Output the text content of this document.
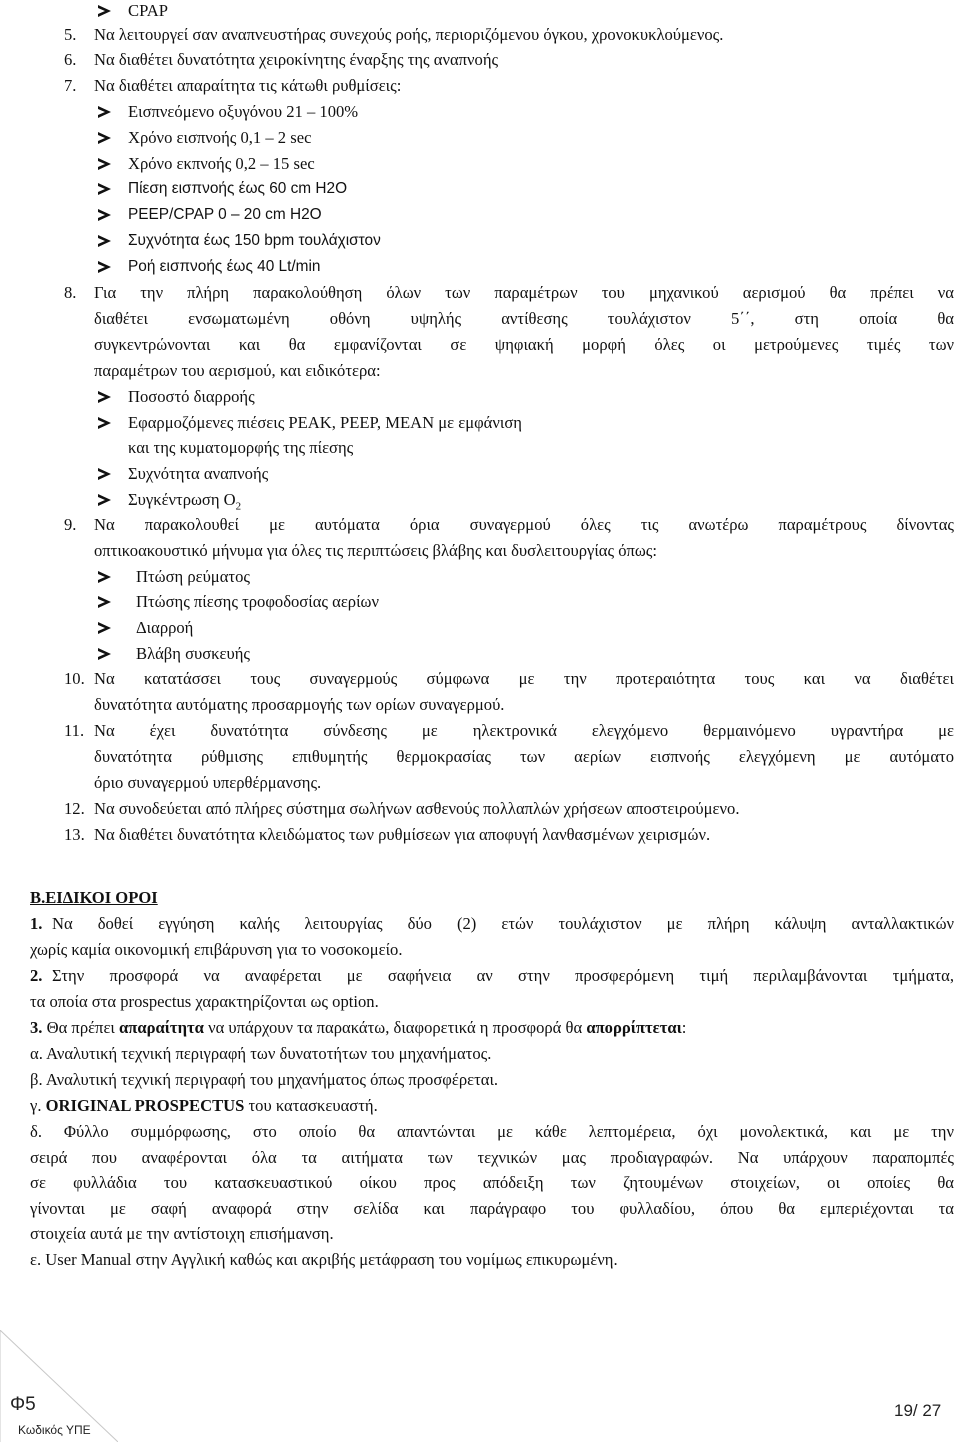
CPAP
5. Να λειτουργεί σαν αναπνευστήρας συνεχούς ροής, περιοριζόμενου όγκου, χρονοκυκλούμενος.
6. Να διαθέτει δυνατότητα χειροκίνητης έναρξης της αναπνοής
7. Να διαθέτει απαραίτητα τις κάτωθι ρυθμίσεις:
Εισπνεόμενο οξυγόνου 21 – 100%
Χρόνο εισπνοής 0,1 – 2 sec
Χρόνο εκπνοής 0,2 – 15 sec
Πίεση εισπνοής έως 60 cm H2O
PEEP/CPAP 0 – 20 cm H2O
Συχνότητα έως 150 bpm τουλάχιστον
Ροή εισπνοής έως 40 Lt/min
8. Για την πλήρη παρακολούθηση όλων των παραμέτρων του μηχανικού αερισμού θα πρέπει να
διαθέτει ενσωματωμένη οθόνη υψηλής αντίθεσης τουλάχιστον 5΄΄, στη οποία θα
συγκεντρώνονται και θα εμφανίζονται σε ψηφιακή μορφή όλες οι μετρούμενες τιμές των
παραμέτρων του αερισμού, και ειδικότερα:
Ποσοστό διαρροής
Εφαρμοζόμενες πιέσεις PEAK, PEEP, MEAN με εμφάνιση
και της κυματομορφής της πίεσης
Συχνότητα αναπνοής
Συγκέντρωση $O_2$
9. Να παρακολουθεί με αυτόματα όρια συναγερμού όλες τις ανωτέρω παραμέτρους δίνοντας
οπτικοακουστικό μήνυμα για όλες τις περιπτώσεις βλάβης και δυσλειτουργίας όπως:
Πτώση ρεύματος
Πτώσης πίεσης τροφοδοσίας αερίων
Διαρροή
Βλάβη συσκευής
10. Να κατατάσσει τους συναγερμούς σύμφωνα με την προτεραιότητα τους και να διαθέτει
δυνατότητα αυτόματης προσαρμογής των ορίων συναγερμού.
11. Να έχει δυνατότητα σύνδεσης με ηλεκτρονικά ελεγχόμενο θερμαινόμενο υγραντήρα με
δυνατότητα ρύθμισης επιθυμητής θερμοκρασίας των αερίων εισπνοής ελεγχόμενη με αυτόματο
όριο συναγερμού υπερθέρμανσης.
12. Να συνοδεύεται από πλήρες σύστημα σωλήνων ασθενούς πολλαπλών χρήσεων αποστειρούμενο.
13. Να διαθέτει δυνατότητα κλειδώματος των ρυθμίσεων για αποφυγή λανθασμένων χειρισμών.
Β.ΕΙΔΙΚΟΙ ΟΡΟΙ
1. Να δοθεί εγγύηση καλής λειτουργίας δύο (2) ετών τουλάχιστον με πλήρη κάλυψη ανταλλακτικών
χωρίς καμία οικονομική επιβάρυνση για το νοσοκομείο.
2. Στην προσφορά να αναφέρεται με σαφήνεια αν στην προσφερόμενη τιμή περιλαμβάνονται τμήματα,
τα οποία στα prospectus χαρακτηρίζονται ως option.
3. Θα πρέπει απαραίτητα να υπάρχουν τα παρακάτω, διαφορετικά η προσφορά θα απορρίπτεται:
α. Αναλυτική τεχνική περιγραφή των δυνατοτήτων του μηχανήματος.
β. Αναλυτική τεχνική περιγραφή του μηχανήματος όπως προσφέρεται.
γ. ORIGINAL PROSPECTUS του κατασκευαστή.
δ. Φύλλο συμμόρφωσης, στο οποίο θα απαντώνται με κάθε λεπτομέρεια, όχι μονολεκτικά, και με την
σειρά που αναφέρονται όλα τα αιτήματα των τεχνικών μας προδιαγραφών. Να υπάρχουν παραπομπές
σε φυλλάδια του κατασκευαστικού οίκου προς απόδειξη των ζητουμένων στοιχείων, οι οποίες θα
γίνονται με σαφή αναφορά στην σελίδα και παράγραφο του φυλλαδίου, όπου θα εμπεριέχονται τα
στοιχεία αυτά με την αντίστοιχη επισήμανση.
ε. User Manual στην Αγγλική καθώς και ακριβής μετάφραση του νομίμως επικυρωμένη.
Φ5
Κωδικός ΥΠΕ
19/ 27
